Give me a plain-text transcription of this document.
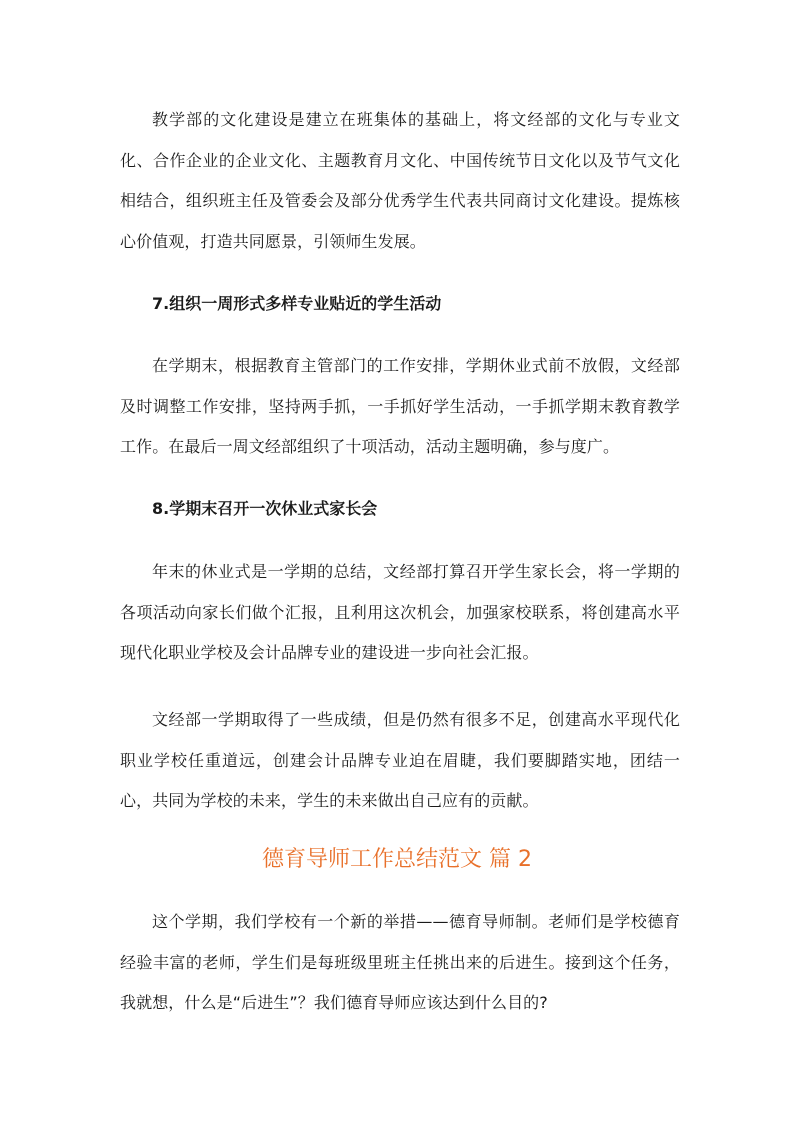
教学部的文化建设是建立在班集体的基础上，将文经部的文化与专业文化、合作企业的企业文化、主题教育月文化、中国传统节日文化以及节气文化相结合，组织班主任及管委会及部分优秀学生代表共同商讨文化建设。提炼核心价值观，打造共同愿景，引领师生发展。

7.组织一周形式多样专业贴近的学生活动

在学期末，根据教育主管部门的工作安排，学期休业式前不放假，文经部及时调整工作安排，坚持两手抓，一手抓好学生活动，一手抓学期末教育教学工作。在最后一周文经部组织了十项活动，活动主题明确，参与度广。

8.学期末召开一次休业式家长会

年末的休业式是一学期的总结，文经部打算召开学生家长会，将一学期的各项活动向家长们做个汇报，且利用这次机会，加强家校联系，将创建高水平现代化职业学校及会计品牌专业的建设进一步向社会汇报。

文经部一学期取得了一些成绩，但是仍然有很多不足，创建高水平现代化职业学校任重道远，创建会计品牌专业迫在眉睫，我们要脚踏实地，团结一心，共同为学校的未来，学生的未来做出自己应有的贡献。

德育导师工作总结范文 篇 2

这个学期，我们学校有一个新的举措——德育导师制。老师们是学校德育经验丰富的老师，学生们是每班级里班主任挑出来的后进生。接到这个任务，我就想，什么是“后进生”？我们德育导师应该达到什么目的?
